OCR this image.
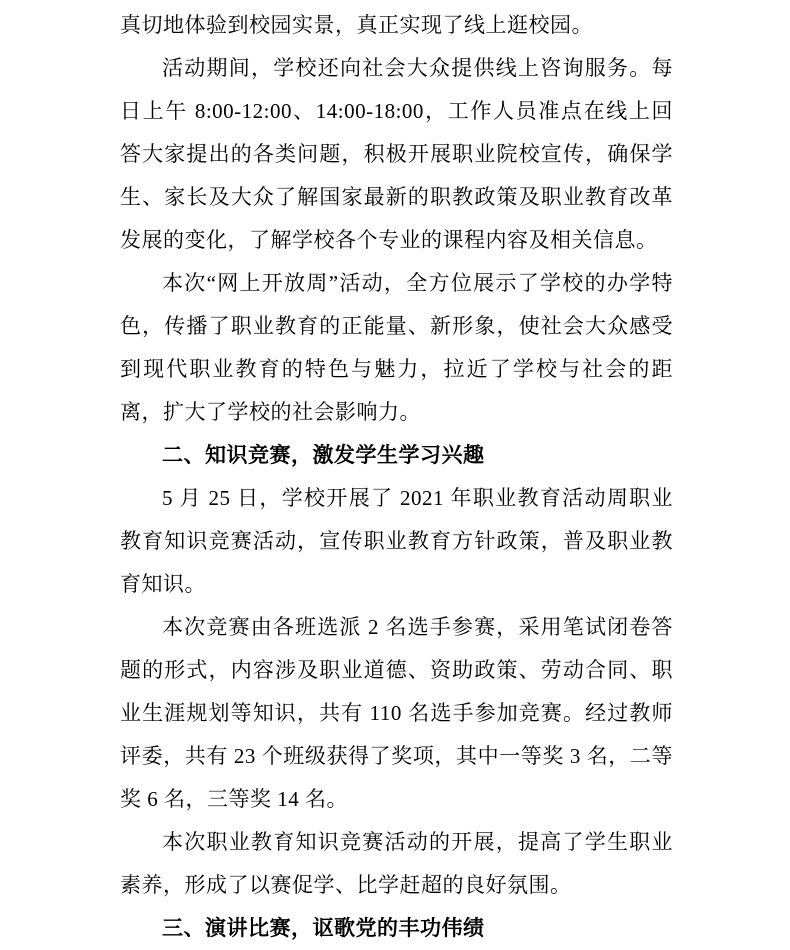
真切地体验到校园实景，真正实现了线上逛校园。

活动期间，学校还向社会大众提供线上咨询服务。每日上午 8:00-12:00、14:00-18:00，工作人员准点在线上回答大家提出的各类问题，积极开展职业院校宣传，确保学生、家长及大众了解国家最新的职教政策及职业教育改革发展的变化，了解学校各个专业的课程内容及相关信息。

本次“网上开放周”活动，全方位展示了学校的办学特色，传播了职业教育的正能量、新形象，使社会大众感受到现代职业教育的特色与魅力，拉近了学校与社会的距离，扩大了学校的社会影响力。

二、知识竞赛，激发学生学习兴趣

5 月 25 日，学校开展了 2021 年职业教育活动周职业教育知识竞赛活动，宣传职业教育方针政策，普及职业教育知识。

本次竞赛由各班选派 2 名选手参赛，采用笔试闭卷答题的形式，内容涉及职业道德、资助政策、劳动合同、职业生涯规划等知识，共有 110 名选手参加竞赛。经过教师评委，共有 23 个班级获得了奖项，其中一等奖 3 名，二等奖 6 名，三等奖 14 名。

本次职业教育知识竞赛活动的开展，提高了学生职业素养，形成了以赛促学、比学赶超的良好氛围。

三、演讲比赛，讴歌党的丰功伟绩
